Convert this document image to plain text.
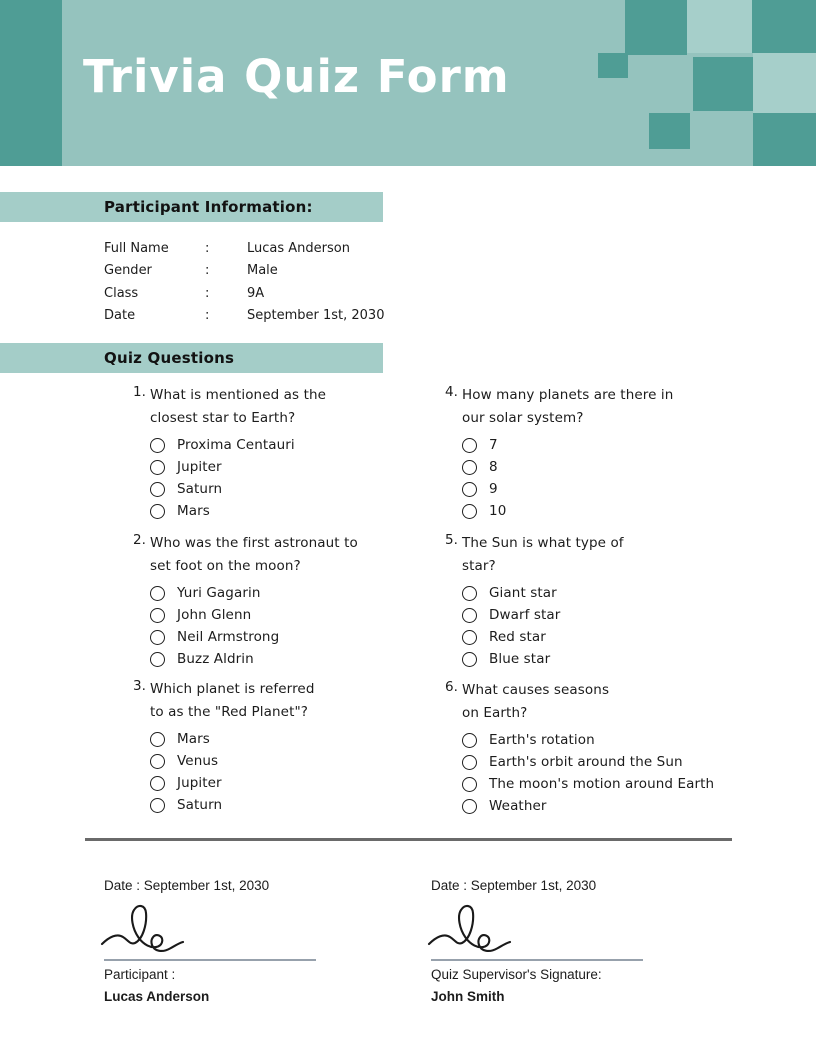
Trivia Quiz Form
Participant Information:
Full Name	:	Lucas Anderson
Gender	:	Male
Class	:	9A
Date	:	September 1st, 2030
Quiz Questions
1. What is mentioned as the
closest star to Earth?
Proxima Centauri
Jupiter
Saturn
Mars
2. Who was the first astronaut to
set foot on the moon?
Yuri Gagarin
John Glenn
Neil Armstrong
Buzz Aldrin
3. Which planet is referred
to as the "Red Planet"?
Mars
Venus
Jupiter
Saturn
4. How many planets are there in
our solar system?
7
8
9
10
5. The Sun is what type of
star?
Giant star
Dwarf star
Red star
Blue star
6. What causes seasons
on Earth?
Earth's rotation
Earth's orbit around the Sun
The moon's motion around Earth
Weather
Date : September 1st, 2030
Participant :
Lucas Anderson
Date : September 1st, 2030
Quiz Supervisor's Signature:
John Smith
